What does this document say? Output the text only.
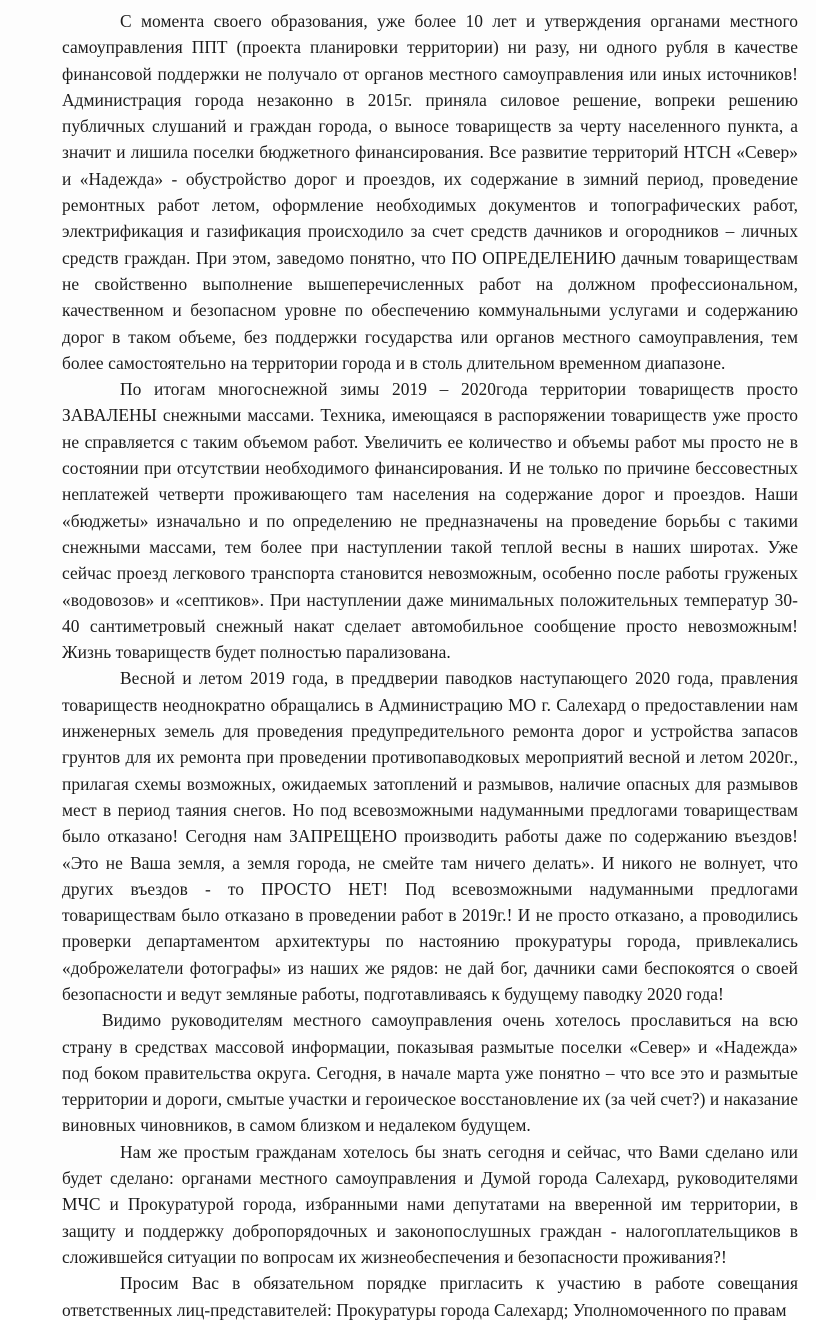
С момента своего образования, уже более 10 лет и утверждения органами местного самоуправления ППТ (проекта планировки территории) ни разу, ни одного рубля в качестве финансовой поддержки не получало от органов местного самоуправления или иных источников! Администрация города незаконно в 2015г. приняла силовое решение, вопреки решению публичных слушаний и граждан города, о выносе товариществ за черту населенного пункта, а значит и лишила поселки бюджетного финансирования. Все развитие территорий НТСН «Север» и «Надежда» - обустройство дорог и проездов, их содержание в зимний период, проведение ремонтных работ летом, оформление необходимых документов и топографических работ, электрификация и газификация происходило за счет средств дачников и огородников – личных средств граждан. При этом, заведомо понятно, что ПО ОПРЕДЕЛЕНИЮ дачным товариществам не свойственно выполнение вышеперечисленных работ на должном профессиональном, качественном и безопасном уровне по обеспечению коммунальными услугами и содержанию дорог в таком объеме, без поддержки государства или органов местного самоуправления, тем более самостоятельно на территории города и в столь длительном временном диапазоне.

По итогам многоснежной зимы 2019 – 2020года территории товариществ просто ЗАВАЛЕНЫ снежными массами. Техника, имеющаяся в распоряжении товариществ уже просто не справляется с таким объемом работ. Увеличить ее количество и объемы работ мы просто не в состоянии при отсутствии необходимого финансирования. И не только по причине бессовестных неплатежей четверти проживающего там населения на содержание дорог и проездов. Наши «бюджеты» изначально и по определению не предназначены на проведение борьбы с такими снежными массами, тем более при наступлении такой теплой весны в наших широтах. Уже сейчас проезд легкового транспорта становится невозможным, особенно после работы груженых «водовозов» и «септиков». При наступлении даже минимальных положительных температур 30-40 сантиметровый снежный накат сделает автомобильное сообщение просто невозможным! Жизнь товариществ будет полностью парализована.

Весной и летом 2019 года, в преддверии паводков наступающего 2020 года, правления товариществ неоднократно обращались в Администрацию МО г. Салехард о предоставлении нам инженерных земель для проведения предупредительного ремонта дорог и устройства запасов грунтов для их ремонта при проведении противопаводковых мероприятий весной и летом 2020г., прилагая схемы возможных, ожидаемых затоплений и размывов, наличие опасных для размывов мест в период таяния снегов. Но под всевозможными надуманными предлогами товариществам было отказано! Сегодня нам ЗАПРЕЩЕНО производить работы даже по содержанию въездов! «Это не Ваша земля, а земля города, не смейте там ничего делать». И никого не волнует, что других въездов - то ПРОСТО НЕТ! Под всевозможными надуманными предлогами товариществам было отказано в проведении работ в 2019г.! И не просто отказано, а проводились проверки департаментом архитектуры по настоянию прокуратуры города, привлекались «доброжелатели фотографы» из наших же рядов: не дай бог, дачники сами беспокоятся о своей безопасности и ведут земляные работы, подготавливаясь к будущему паводку 2020 года!

Видимо руководителям местного самоуправления очень хотелось прославиться на всю страну в средствах массовой информации, показывая размытые поселки «Север» и «Надежда» под боком правительства округа. Сегодня, в начале марта уже понятно – что все это и размытые территории и дороги, смытые участки и героическое восстановление их (за чей счет?) и наказание виновных чиновников, в самом близком и недалеком будущем.

Нам же простым гражданам хотелось бы знать сегодня и сейчас, что Вами сделано или будет сделано: органами местного самоуправления и Думой города Салехард, руководителями МЧС и Прокуратурой города, избранными нами депутатами на вверенной им территории, в защиту и поддержку добропорядочных и законопослушных граждан - налогоплательщиков в сложившейся ситуации по вопросам их жизнеобеспечения и безопасности проживания?!

Просим Вас в обязательном порядке пригласить к участию в работе совещания ответственных лиц-представителей: Прокуратуры города Салехард; Уполномоченного по правам
